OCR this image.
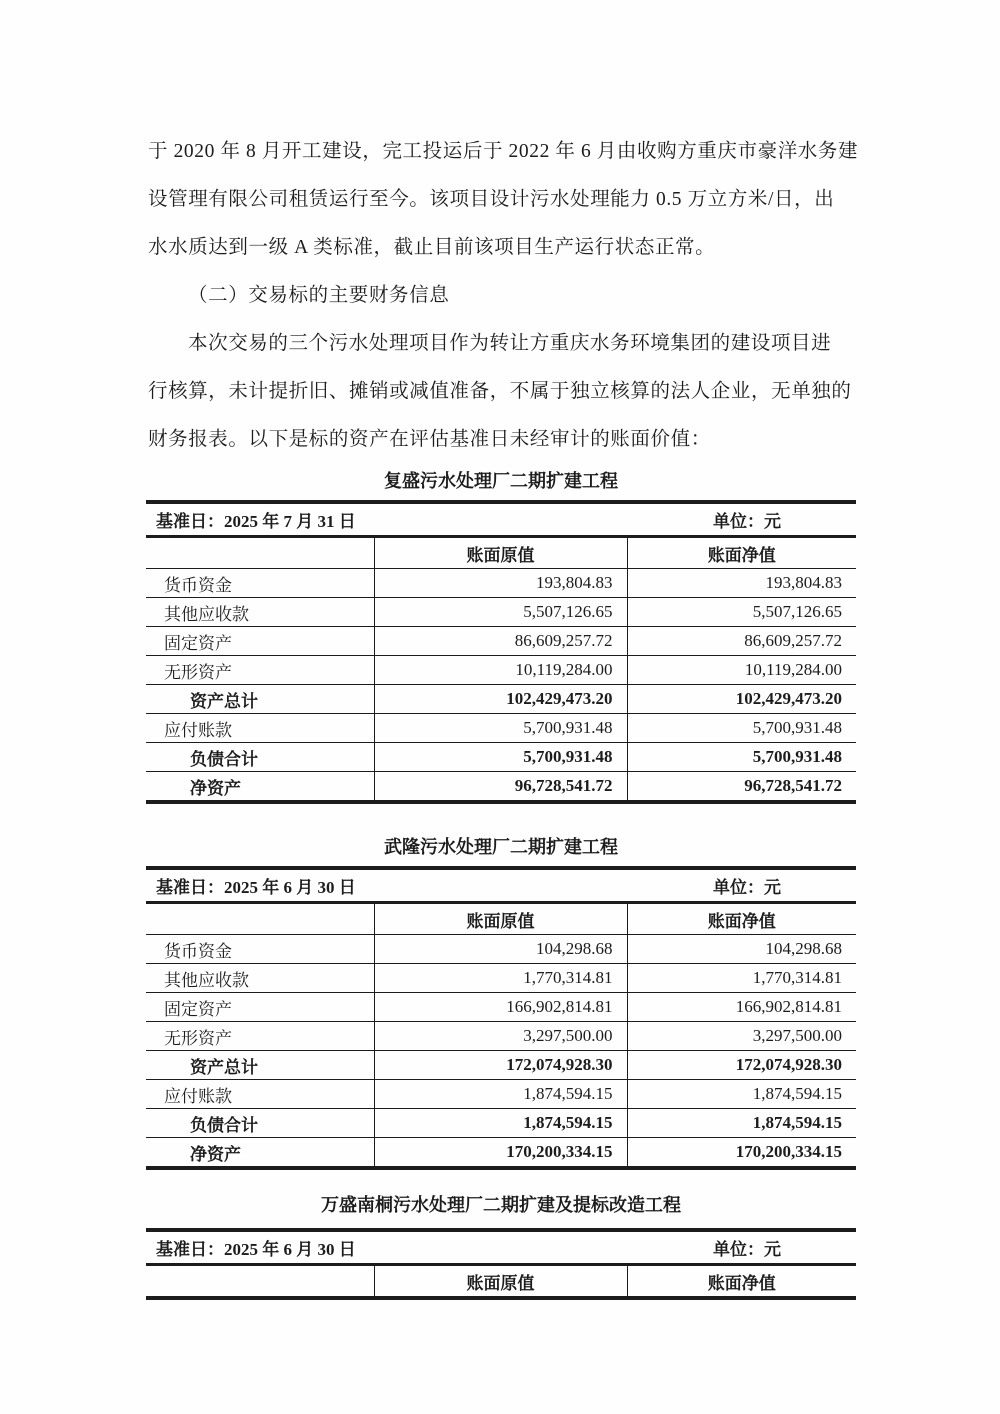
于 2020 年 8 月开工建设，完工投运后于 2022 年 6 月由收购方重庆市豪洋水务建
设管理有限公司租赁运行至今。该项目设计污水处理能力 0.5 万立方米/日，出
水水质达到一级 A 类标准，截止目前该项目生产运行状态正常。
（二）交易标的主要财务信息
本次交易的三个污水处理项目作为转让方重庆水务环境集团的建设项目进
行核算，未计提折旧、摊销或减值准备，不属于独立核算的法人企业，无单独的
财务报表。以下是标的资产在评估基准日未经审计的账面价值：
复盛污水处理厂二期扩建工程
基准日：2025 年 7 月 31 日		单位：元
	账面原值	账面净值
货币资金	193,804.83	193,804.83
其他应收款	5,507,126.65	5,507,126.65
固定资产	86,609,257.72	86,609,257.72
无形资产	10,119,284.00	10,119,284.00
资产总计	102,429,473.20	102,429,473.20
应付账款	5,700,931.48	5,700,931.48
负债合计	5,700,931.48	5,700,931.48
净资产	96,728,541.72	96,728,541.72
武隆污水处理厂二期扩建工程
基准日：2025 年 6 月 30 日		单位：元
	账面原值	账面净值
货币资金	104,298.68	104,298.68
其他应收款	1,770,314.81	1,770,314.81
固定资产	166,902,814.81	166,902,814.81
无形资产	3,297,500.00	3,297,500.00
资产总计	172,074,928.30	172,074,928.30
应付账款	1,874,594.15	1,874,594.15
负债合计	1,874,594.15	1,874,594.15
净资产	170,200,334.15	170,200,334.15
万盛南桐污水处理厂二期扩建及提标改造工程
基准日：2025 年 6 月 30 日		单位：元
	账面原值	账面净值
